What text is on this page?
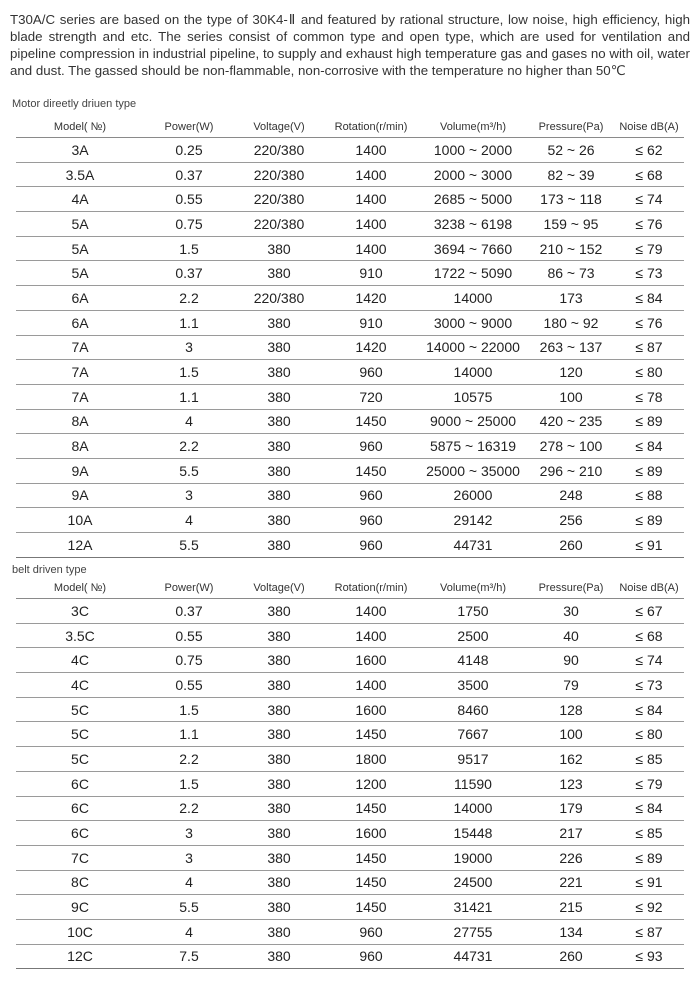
T30A/C series are based on the type of 30K4-Ⅱ and featured by rational structure, low noise, high efficiency, high blade strength and etc. The series consist of common type and open type, which are used for ventilation and pipeline compression in industrial pipeline, to supply and exhaust high temperature gas and gases no with oil, water and dust. The gassed should be non-flammable, non-corrosive with the temperature no higher than 50℃
Motor direetly driuen type
Model( №)	Power(W)	Voltage(V)	Rotation(r/min)	Volume(m³/h)	Pressure(Pa)	Noise dB(A)
3A	0.25	220/380	1400	1000 ~ 2000	52 ~ 26	≤ 62
3.5A	0.37	220/380	1400	2000 ~ 3000	82 ~ 39	≤ 68
4A	0.55	220/380	1400	2685 ~ 5000	173 ~ 118	≤ 74
5A	0.75	220/380	1400	3238 ~ 6198	159 ~ 95	≤ 76
5A	1.5	380	1400	3694 ~ 7660	210 ~ 152	≤ 79
5A	0.37	380	910	1722 ~ 5090	86 ~ 73	≤ 73
6A	2.2	220/380	1420	14000	173	≤ 84
6A	1.1	380	910	3000 ~ 9000	180 ~ 92	≤ 76
7A	3	380	1420	14000 ~ 22000	263 ~ 137	≤ 87
7A	1.5	380	960	14000	120	≤ 80
7A	1.1	380	720	10575	100	≤ 78
8A	4	380	1450	9000 ~ 25000	420 ~ 235	≤ 89
8A	2.2	380	960	5875 ~ 16319	278 ~ 100	≤ 84
9A	5.5	380	1450	25000 ~ 35000	296 ~ 210	≤ 89
9A	3	380	960	26000	248	≤ 88
10A	4	380	960	29142	256	≤ 89
12A	5.5	380	960	44731	260	≤ 91
belt driven type
Model( №)	Power(W)	Voltage(V)	Rotation(r/min)	Volume(m³/h)	Pressure(Pa)	Noise dB(A)
3C	0.37	380	1400	1750	30	≤ 67
3.5C	0.55	380	1400	2500	40	≤ 68
4C	0.75	380	1600	4148	90	≤ 74
4C	0.55	380	1400	3500	79	≤ 73
5C	1.5	380	1600	8460	128	≤ 84
5C	1.1	380	1450	7667	100	≤ 80
5C	2.2	380	1800	9517	162	≤ 85
6C	1.5	380	1200	11590	123	≤ 79
6C	2.2	380	1450	14000	179	≤ 84
6C	3	380	1600	15448	217	≤ 85
7C	3	380	1450	19000	226	≤ 89
8C	4	380	1450	24500	221	≤ 91
9C	5.5	380	1450	31421	215	≤ 92
10C	4	380	960	27755	134	≤ 87
12C	7.5	380	960	44731	260	≤ 93
